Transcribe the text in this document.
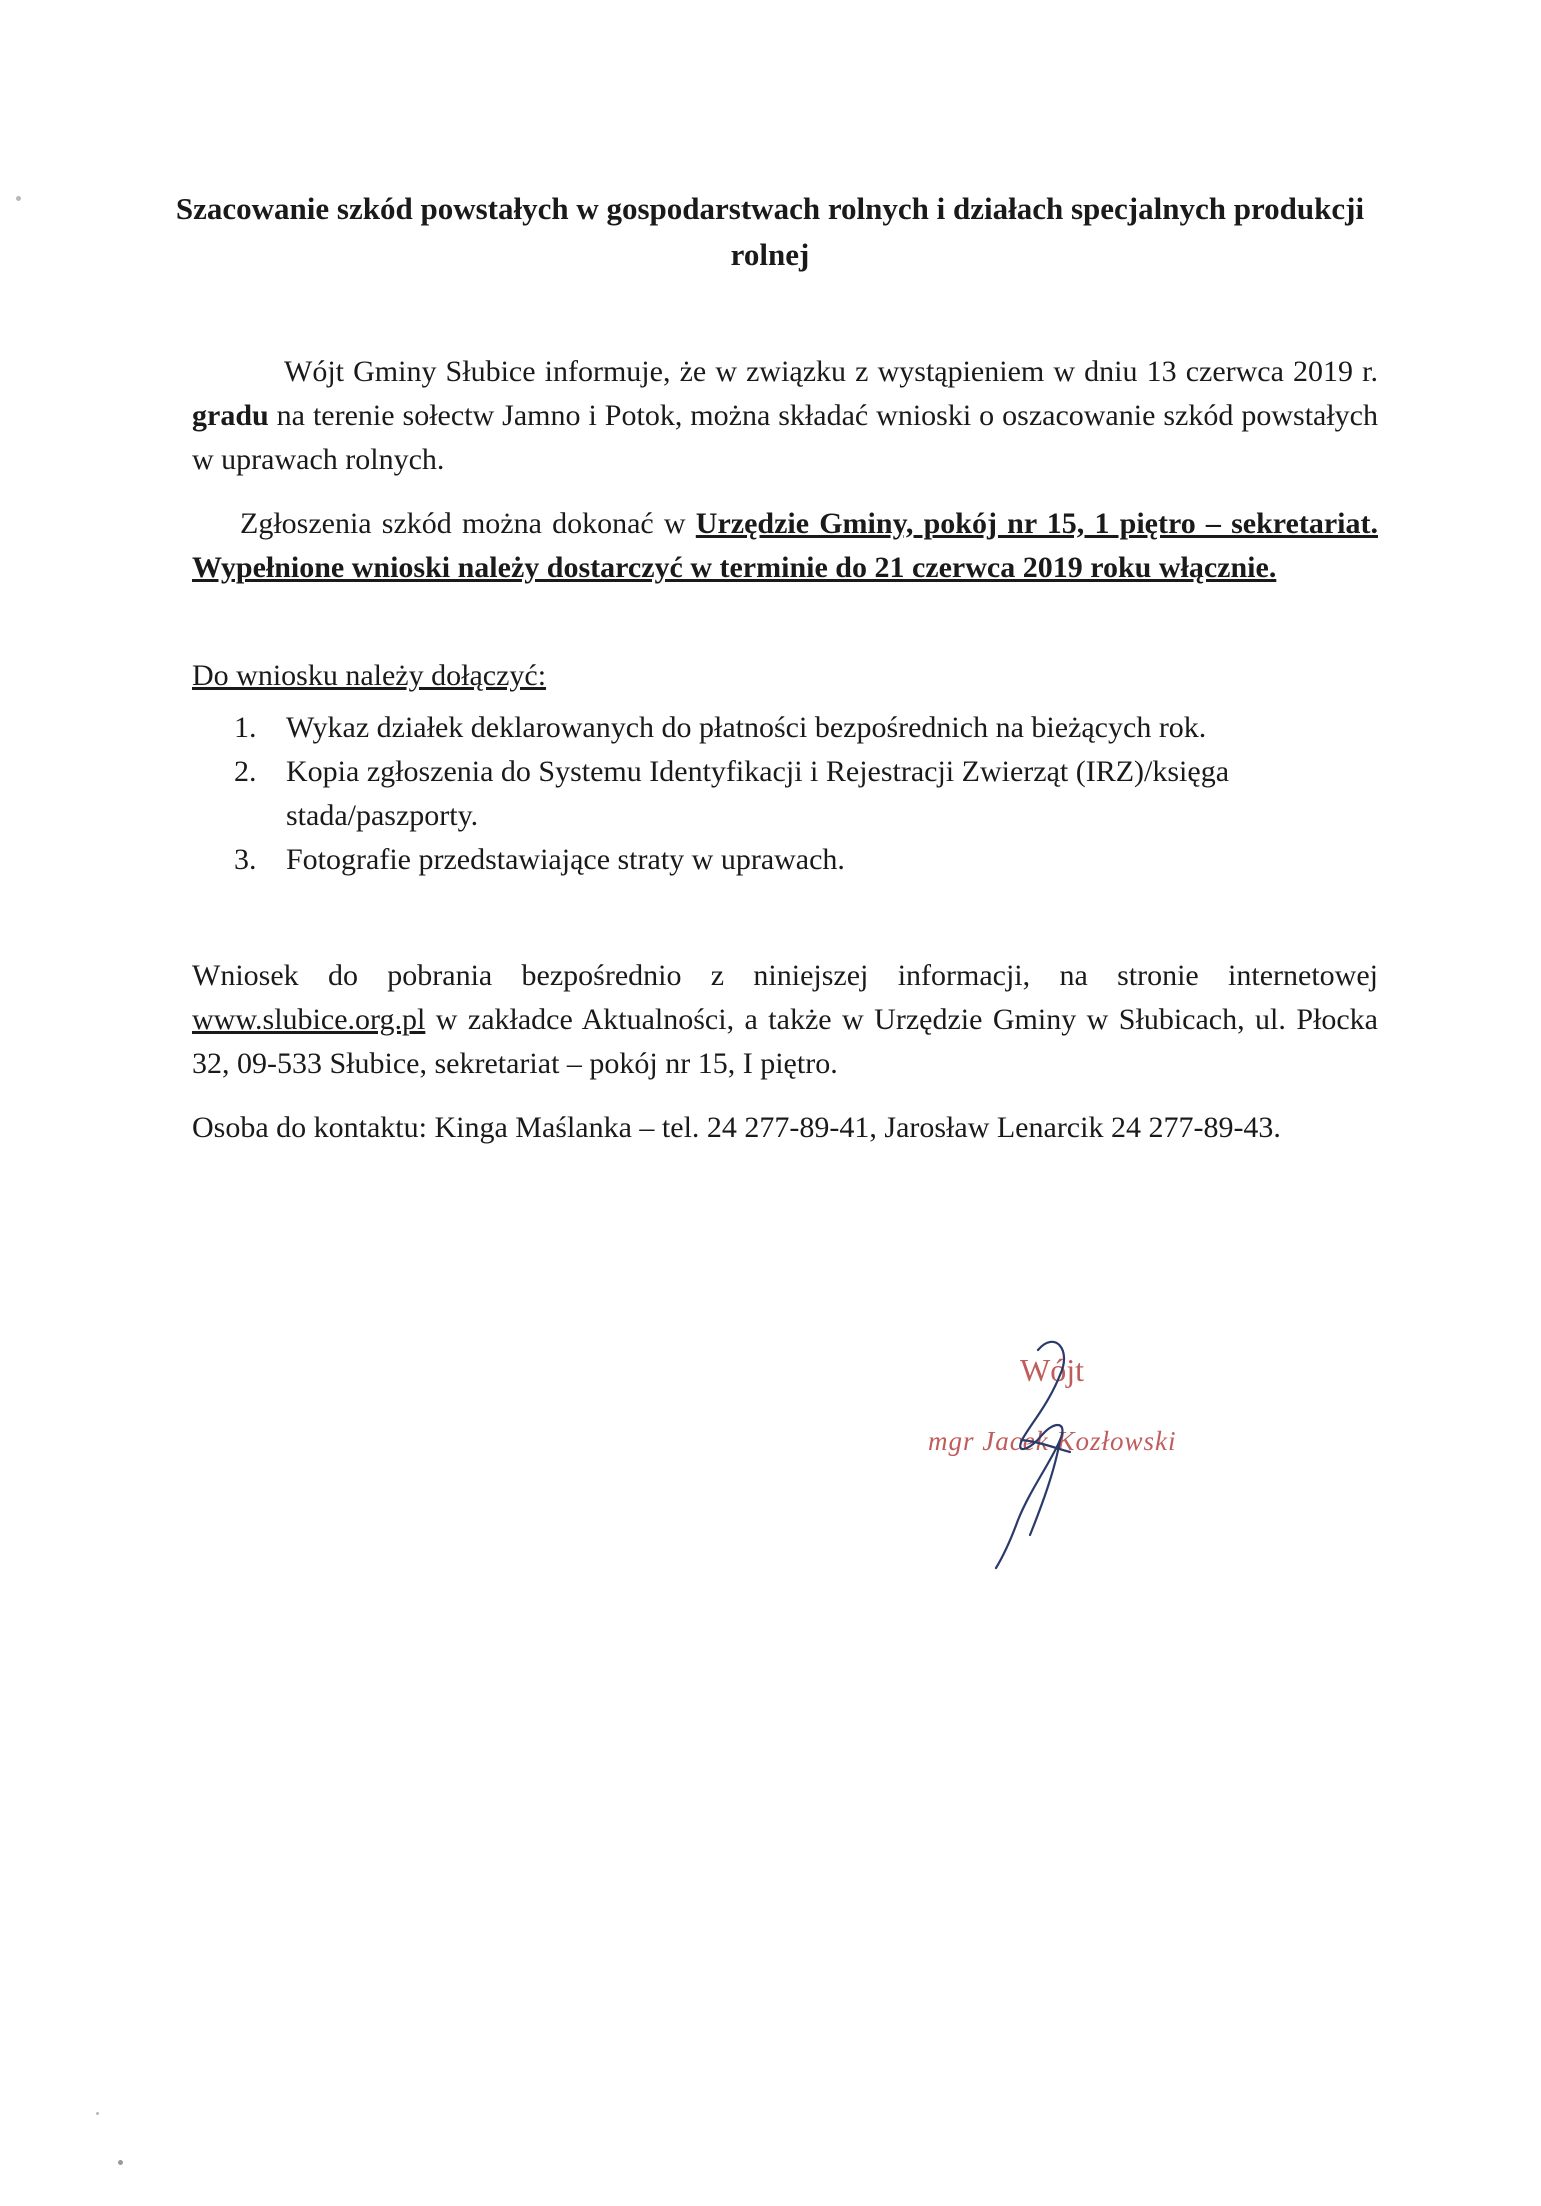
Szacowanie szkód powstałych w gospodarstwach rolnych i działach specjalnych produkcji rolnej

Wójt Gminy Słubice informuje, że w związku z wystąpieniem w dniu 13 czerwca 2019 r. gradu na terenie sołectw Jamno i Potok, można składać wnioski o oszacowanie szkód powstałych w uprawach rolnych.

Zgłoszenia szkód można dokonać w Urzędzie Gminy, pokój nr 15, 1 piętro – sekretariat. Wypełnione wnioski należy dostarczyć w terminie do 21 czerwca 2019 roku włącznie.

Do wniosku należy dołączyć:

1. Wykaz działek deklarowanych do płatności bezpośrednich na bieżących rok.
2. Kopia zgłoszenia do Systemu Identyfikacji i Rejestracji Zwierząt (IRZ)/księga stada/paszporty.
3. Fotografie przedstawiające straty w uprawach.

Wniosek do pobrania bezpośrednio z niniejszej informacji, na stronie internetowej www.slubice.org.pl w zakładce Aktualności, a także w Urzędzie Gminy w Słubicach, ul. Płocka 32, 09-533 Słubice, sekretariat – pokój nr 15, I piętro.

Osoba do kontaktu: Kinga Maślanka – tel. 24 277-89-41, Jarosław Lenarcik 24 277-89-43.

Wójt
mgr Jacek Kozłowski
